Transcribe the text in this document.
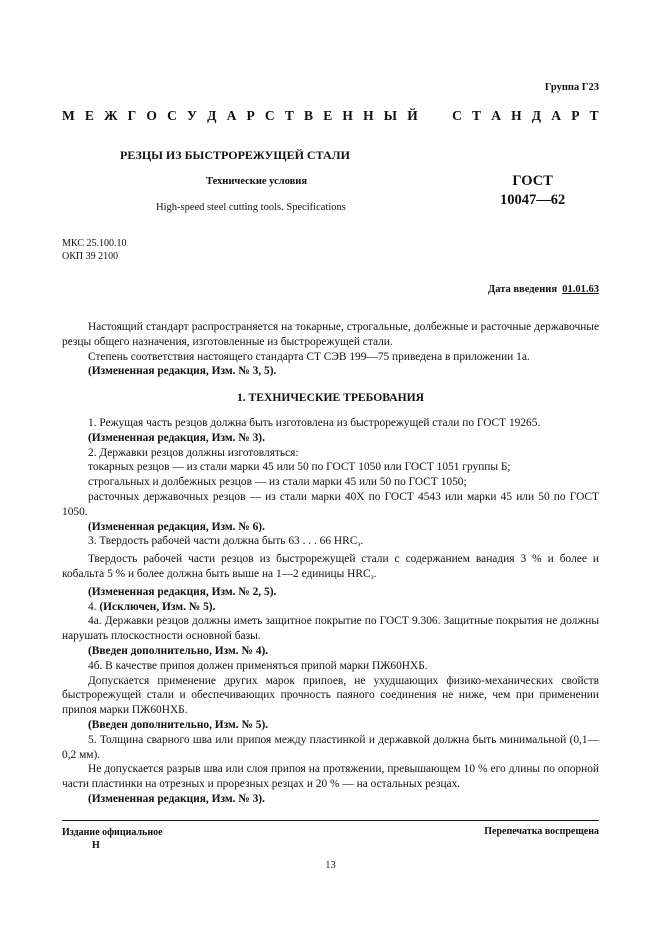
Группа Г23
М Е Ж Г О С У Д А Р С Т В Е Н Н Ы Й	С Т А Н Д А Р Т
РЕЗЦЫ ИЗ БЫСТРОРЕЖУЩЕЙ СТАЛИ
Технические условия
High-speed steel cutting tools. Specifications
ГОСТ
10047—62
МКС 25.100.10
ОКП 39 2100
Дата введения 01.01.63

Настоящий стандарт распространяется на токарные, строгальные, долбежные и расточные державочные резцы общего назначения, изготовленные из быстрорежущей стали.

Степень соответствия настоящего стандарта СТ СЭВ 199—75 приведена в приложении 1а.

(Измененная редакция, Изм. № 3, 5).

1. ТЕХНИЧЕСКИЕ ТРЕБОВАНИЯ

1. Режущая часть резцов должна быть изготовлена из быстрорежущей стали по ГОСТ 19265.

(Измененная редакция, Изм. № 3).

2. Державки резцов должны изготовляться:

токарных резцов — из стали марки 45 или 50 по ГОСТ 1050 или ГОСТ 1051 группы Б;

строгальных и долбежных резцов — из стали марки 45 или 50 по ГОСТ 1050;

расточных державочных резцов — из стали марки 40Х по ГОСТ 4543 или марки 45 или 50 по ГОСТ 1050.

(Измененная редакция, Изм. № 6).

3. Твердость рабочей части должна быть 63 . . . 66 $HRC_э$.

Твердость рабочей части резцов из быстрорежущей стали с содержанием ванадия 3 % и более и кобальта 5 % и более должна быть выше на 1—2 единицы $HRC_э$.

(Измененная редакция, Изм. № 2, 5).

4. (Исключен, Изм. № 5).

4а. Державки резцов должны иметь защитное покрытие по ГОСТ 9.306. Защитные покрытия не должны нарушать плоскостности основной базы.

(Введен дополнительно, Изм. № 4).

4б. В качестве припоя должен применяться припой марки ПЖ60НХБ.

Допускается применение других марок припоев, не ухудшающих физико-механических свойств быстрорежущей стали и обеспечивающих прочность паяного соединения не ниже, чем при применении припоя марки ПЖ60НХБ.

(Введен дополнительно, Изм. № 5).

5. Толщина сварного шва или припоя между пластинкой и державкой должна быть минимальной (0,1—0,2 мм).

Не допускается разрыв шва или слоя припоя на протяжении, превышающем 10 % его длины по опорной части пластинки на отрезных и прорезных резцах и 20 % — на остальных резцах.

(Измененная редакция, Изм. № 3).

Издание официальное
Н
Перепечатка воспрещена
13
